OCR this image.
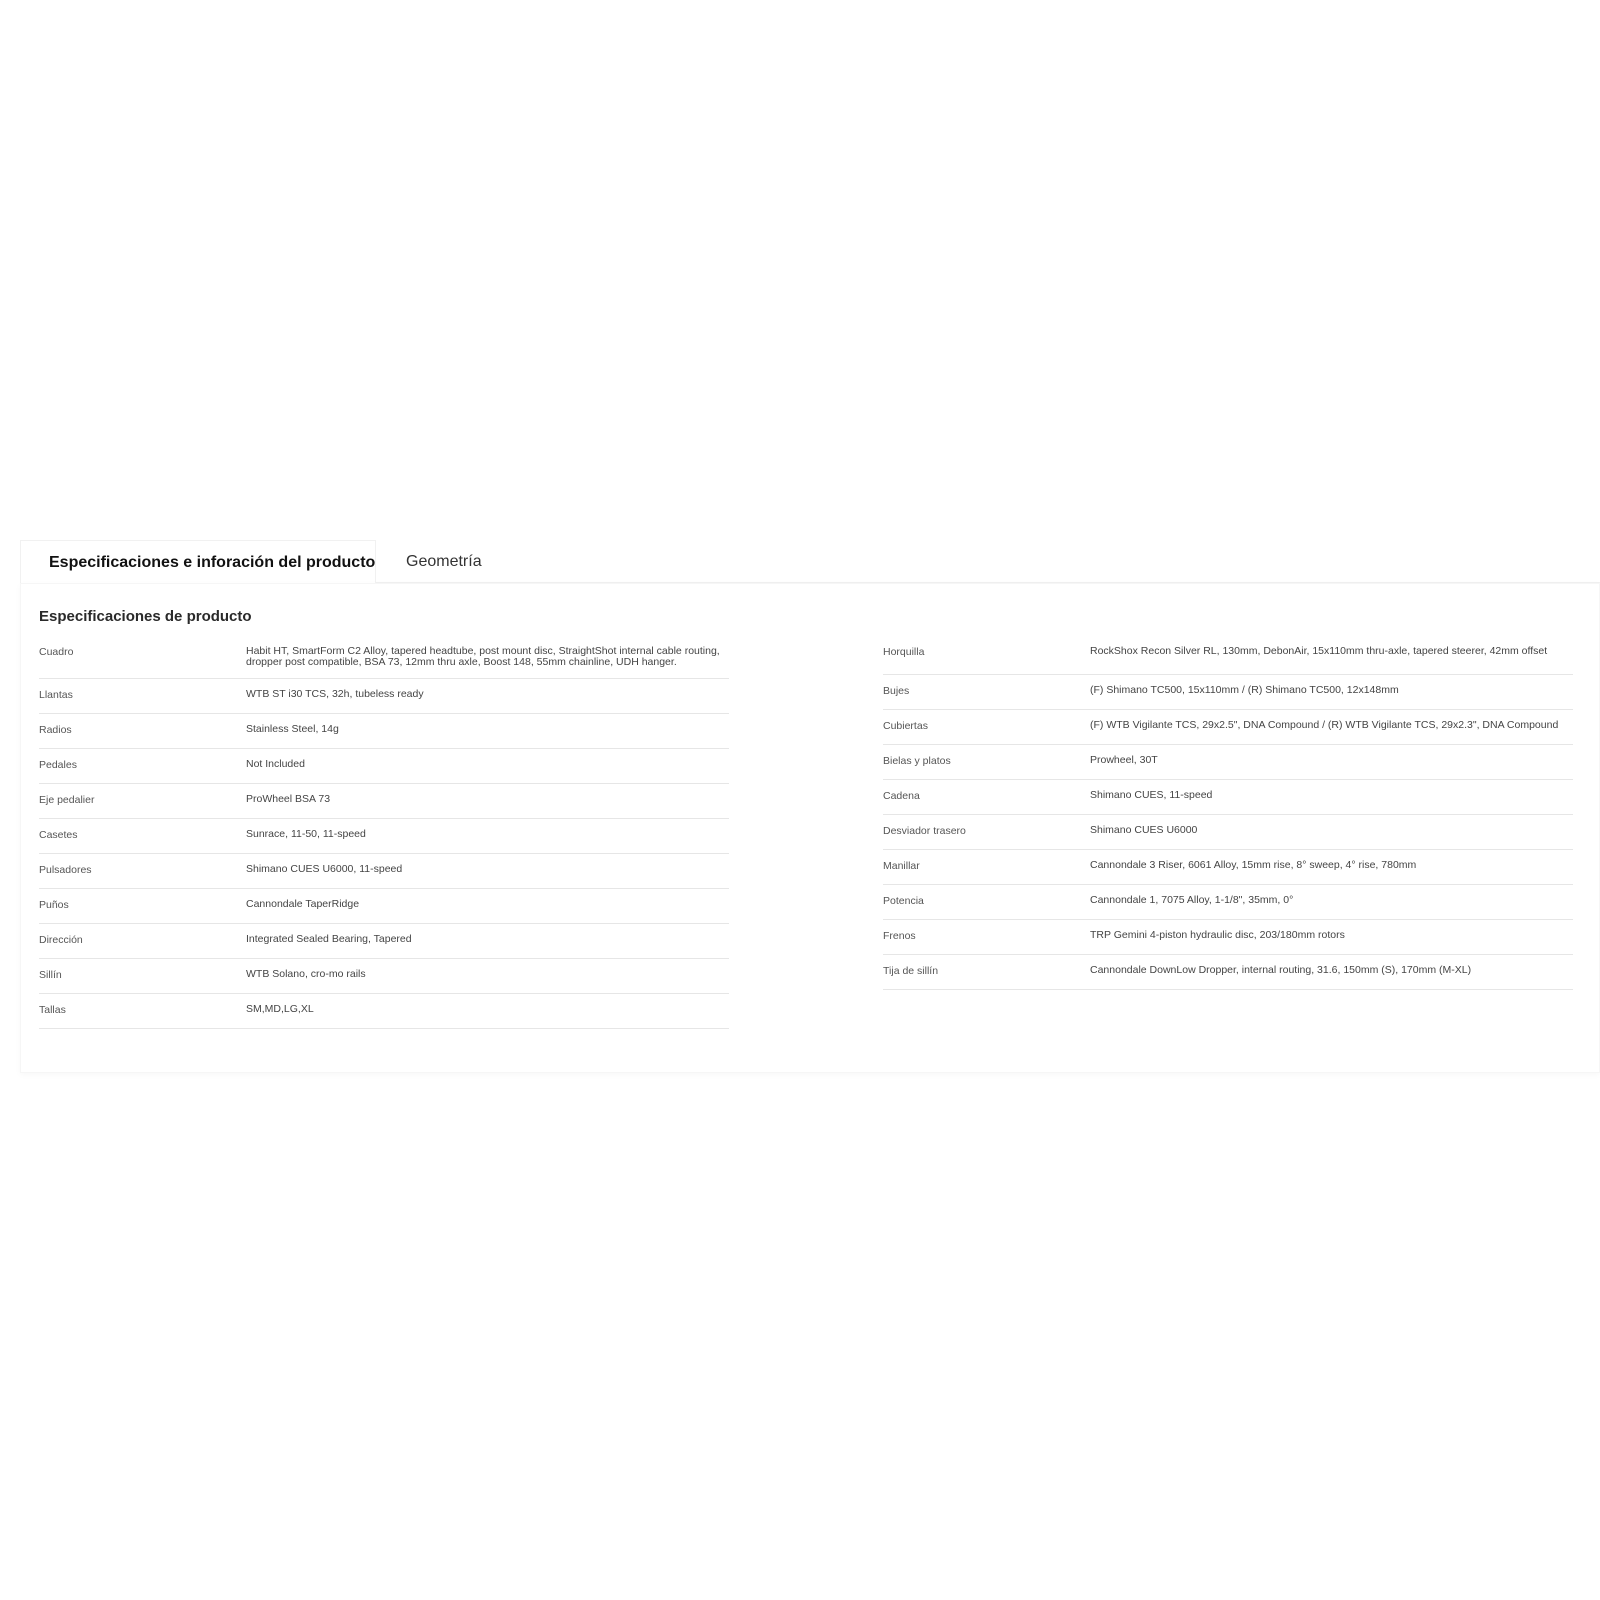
Especificaciones e inforación del producto Geometría
Especificaciones de producto
Cuadro	Habit HT, SmartForm C2 Alloy, tapered headtube, post mount disc, StraightShot internal cable routing, dropper post compatible, BSA 73, 12mm thru axle, Boost 148, 55mm chainline, UDH hanger.
Llantas	WTB ST i30 TCS, 32h, tubeless ready
Radios	Stainless Steel, 14g
Pedales	Not Included
Eje pedalier	ProWheel BSA 73
Casetes	Sunrace, 11-50, 11-speed
Pulsadores	Shimano CUES U6000, 11-speed
Puños	Cannondale TaperRidge
Dirección	Integrated Sealed Bearing, Tapered
Sillín	WTB Solano, cro-mo rails
Tallas	SM,MD,LG,XL
Horquilla	RockShox Recon Silver RL, 130mm, DebonAir, 15x110mm thru-axle, tapered steerer, 42mm offset
Bujes	(F) Shimano TC500, 15x110mm / (R) Shimano TC500, 12x148mm
Cubiertas	(F) WTB Vigilante TCS, 29x2.5", DNA Compound / (R) WTB Vigilante TCS, 29x2.3", DNA Compound
Bielas y platos	Prowheel, 30T
Cadena	Shimano CUES, 11-speed
Desviador trasero	Shimano CUES U6000
Manillar	Cannondale 3 Riser, 6061 Alloy, 15mm rise, 8° sweep, 4° rise, 780mm
Potencia	Cannondale 1, 7075 Alloy, 1-1/8", 35mm, 0°
Frenos	TRP Gemini 4-piston hydraulic disc, 203/180mm rotors
Tija de sillín	Cannondale DownLow Dropper, internal routing, 31.6, 150mm (S), 170mm (M-XL)
